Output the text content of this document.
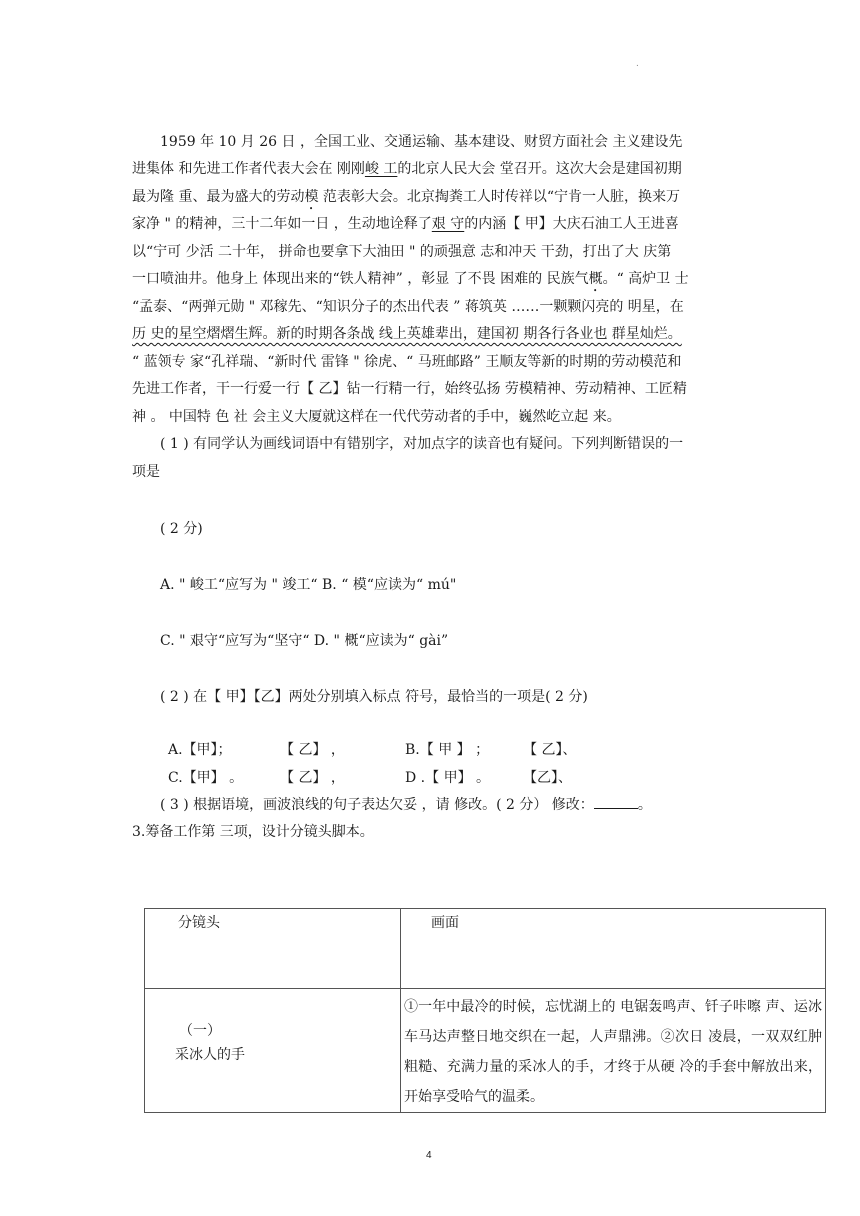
.
1959 年 10 月 26 日 ，全国工业、交通运输、基本建设、财贸方面社会 主义建设先
进集体 和先进工作者代表大会在 刚刚峻 工的北京人民大会 堂召开。这次大会是建国初期
最为隆 重、最为盛大的劳动模 范表彰大会。北京掏粪工人时传祥以“宁肯一人脏，换来万
家净 " 的精神，三十二年如一日 ，生动地诠释了艰 守的内涵【 甲】大庆石油工人王进喜
以“宁可 少活 二十年， 拼命也要拿下大油田 " 的顽强意 志和冲天 干劲，打出了大 庆第
一口喷油井。他身上 体现出来的“铁人精神” ，彰显 了不畏 困难的 民族气概。“ 高炉卫 士
“孟泰、“两弹元勋 " 邓稼先、“知识分子的杰出代表 ” 蒋筑英 ……一颗颗闪亮的 明星，在
历 史的星空熠熠生辉。新的时期各条战 线上英雄辈出，建国初 期各行各业也 群星灿烂。
“ 蓝领专 家“孔祥瑞、“新时代 雷锋 " 徐虎、“ 马班邮路” 王顺友等新的时期的劳动模范和
先进工作者，干一行爱一行【 乙】钻一行精一行，始终弘扬 劳模精神、劳动精神、工匠精
神 。 中国特 色 社 会主义大厦就这样在一代代劳动者的手中，巍然屹立起 来。
( 1 ) 有同学认为画线词语中有错别字，对加点字的读音也有疑问。下列判断错误的一
项是
( 2 分)
A. " 峻工“应写为 " 竣工“ B. “ 模“应读为“ mú"
C. " 艰守“应写为“坚守“ D. " 概“应读为“ gài”
( 2 ) 在【 甲】【乙】两处分别填入标点 符号，最恰当的一项是( 2 分)
A.【甲】；	【 乙】 ，	B.【 甲 】 ； 【 乙】、
C.【甲】 。	【 乙】 ，	D .【 甲】 。 【乙】、
( 3 ) 根据语境，画波浪线的句子表达欠妥 ，请 修改。( 2 分） 修改：	。
3.筹备工作第 三项，设计分镜头脚本。
分镜头	画面

（一）
采冰人的手	①一年中最冷的时候，忘忧湖上的 电锯轰鸣声、钎子咔嚓 声、运冰车马达声整日地交织在一起，人声鼎沸。②次日 凌晨，一双双红肿粗糙、充满力量的采冰人的手，才终于从硬 冷的手套中解放出来，开始享受哈气的温柔。
4
